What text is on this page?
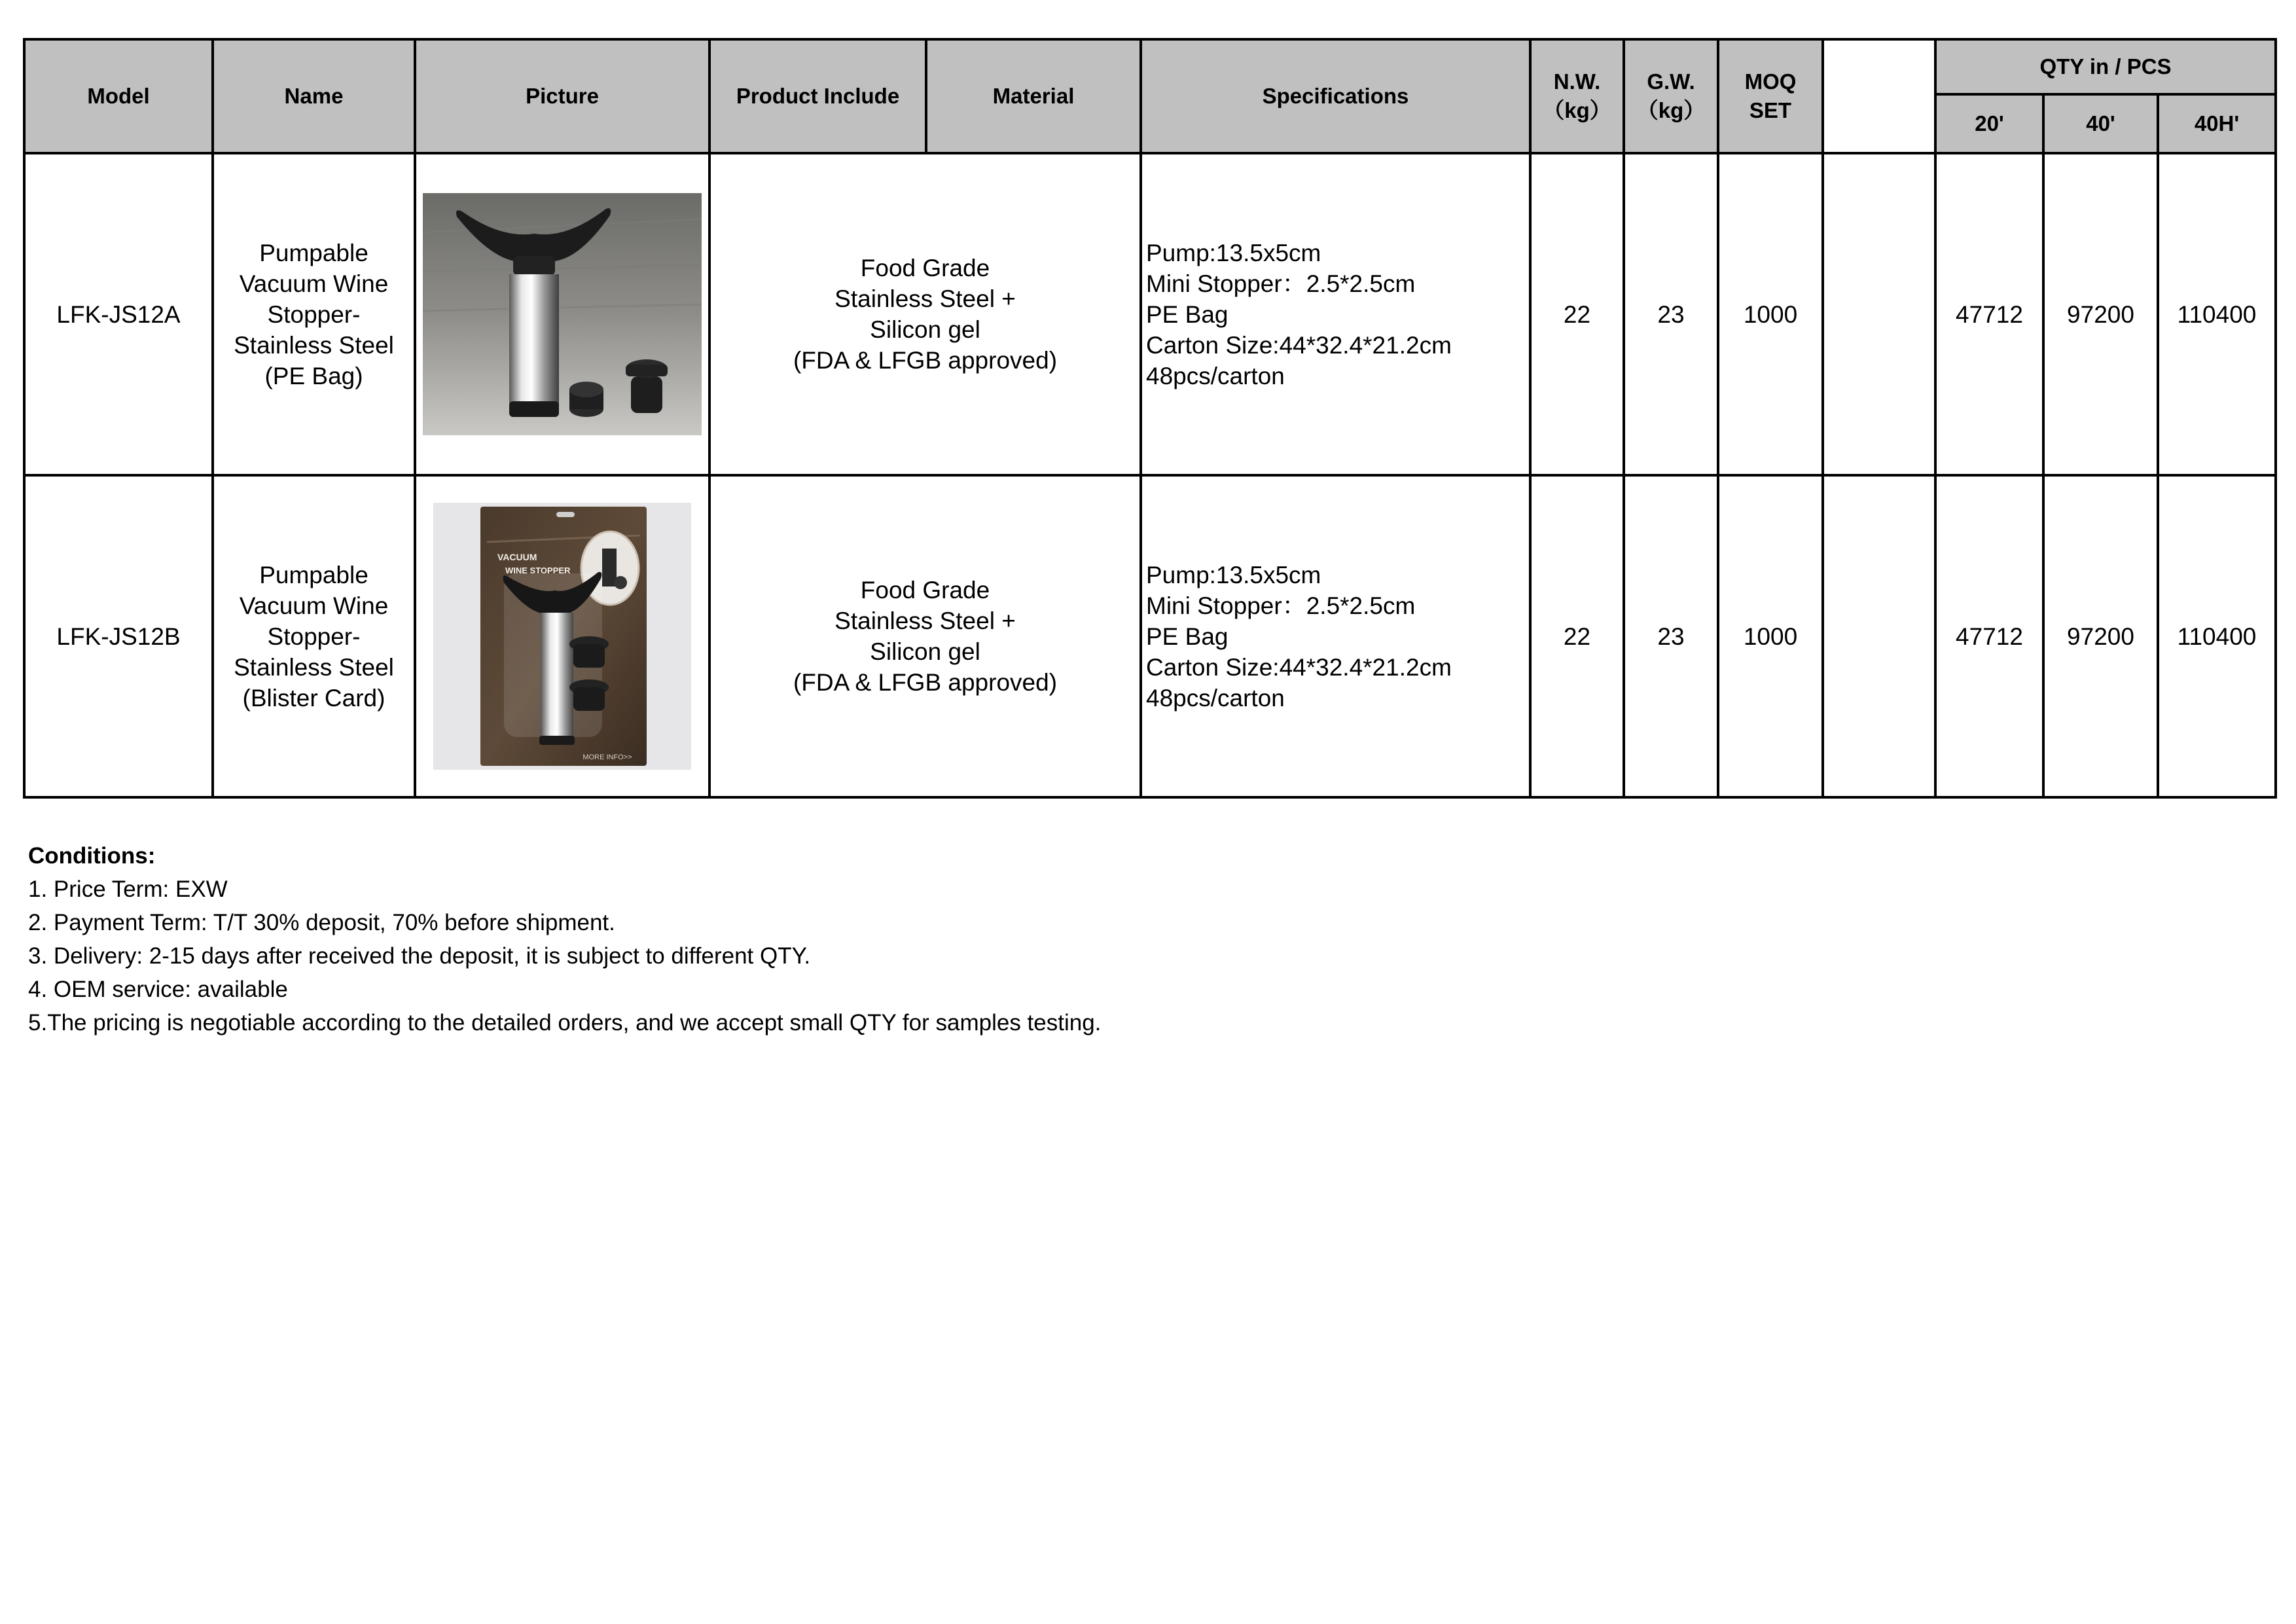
Model	Name	Picture	Product Include	Material	Specifications	N.W.
（kg）	G.W.
（kg）	MOQ
SET		QTY in / PCS		
										20'	40'	40H'
LFK-JS12A	Pumpable
Vacuum Wine
Stopper-
Stainless Steel
(PE Bag)		Food Grade
Stainless Steel +
Silicon gel
(FDA & LFGB approved)		Pump:13.5x5cm
Mini Stopper：2.5*2.5cm
PE Bag
Carton Size:44*32.4*21.2cm
48pcs/carton	22	23	1000		47712	97200	110400
LFK-JS12B	Pumpable
Vacuum Wine
Stopper-
Stainless Steel
(Blister Card)	VACUUM
WINE STOPPER
MORE INFO>>	Food Grade
Stainless Steel +
Silicon gel
(FDA & LFGB approved)		Pump:13.5x5cm
Mini Stopper：2.5*2.5cm
PE Bag
Carton Size:44*32.4*21.2cm
48pcs/carton	22	23	1000		47712	97200	110400
Conditions:
1. Price Term: EXW
2. Payment Term: T/T 30% deposit, 70% before shipment.
3. Delivery: 2-15 days after received the deposit, it is subject to different QTY.
4. OEM service: available
5.The pricing is negotiable according to the detailed orders, and we accept small QTY for samples testing.
